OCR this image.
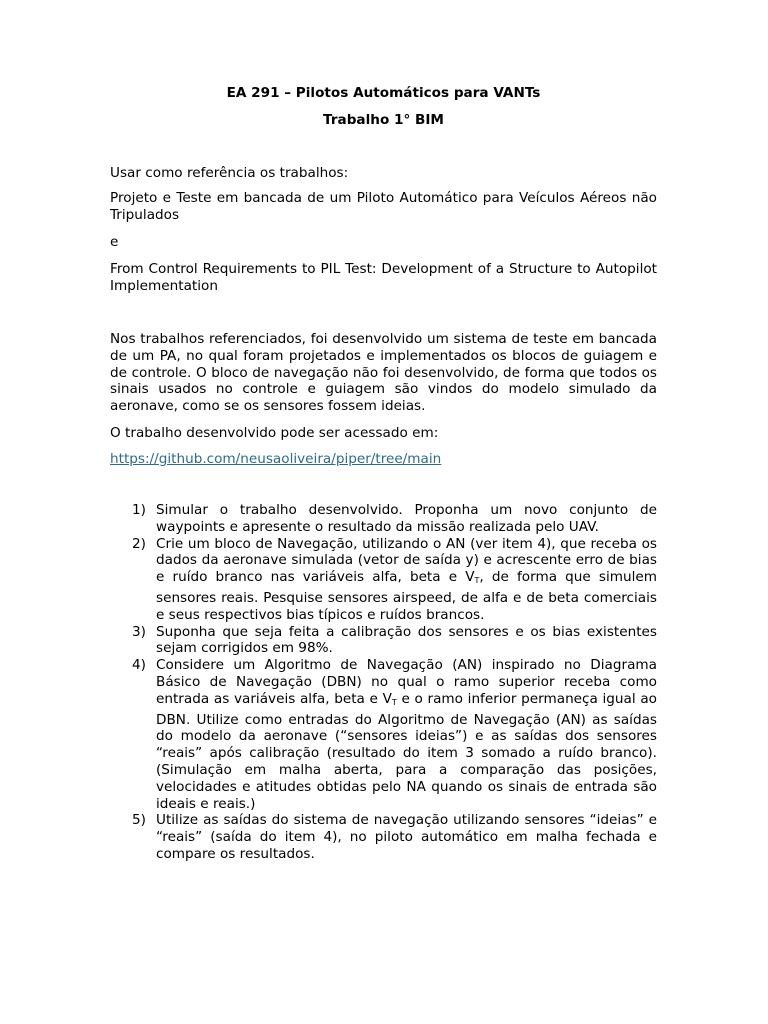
EA 291 – Pilotos Automáticos para VANTs
Trabalho 1° BIM

Usar como referência os trabalhos:

Projeto e Teste em bancada de um Piloto Automático para Veículos Aéreos não Tripulados

e

From Control Requirements to PIL Test: Development of a Structure to Autopilot Implementation

Nos trabalhos referenciados, foi desenvolvido um sistema de teste em bancada de um PA, no qual foram projetados e implementados os blocos de guiagem e de controle. O bloco de navegação não foi desenvolvido, de forma que todos os sinais usados no controle e guiagem são vindos do modelo simulado da aeronave, como se os sensores fossem ideias.

O trabalho desenvolvido pode ser acessado em:

https://github.com/neusaoliveira/piper/tree/main

1) Simular o trabalho desenvolvido. Proponha um novo conjunto de waypoints e apresente o resultado da missão realizada pelo UAV.
2) Crie um bloco de Navegação, utilizando o AN (ver item 4), que receba os dados da aeronave simulada (vetor de saída y) e acrescente erro de bias e ruído branco nas variáveis alfa, beta e $V_T$, de forma que simulem sensores reais. Pesquise sensores airspeed, de alfa e de beta comerciais e seus respectivos bias típicos e ruídos brancos.
3) Suponha que seja feita a calibração dos sensores e os bias existentes sejam corrigidos em 98%.
4) Considere um Algoritmo de Navegação (AN) inspirado no Diagrama Básico de Navegação (DBN) no qual o ramo superior receba como entrada as variáveis alfa, beta e $V_T$ e o ramo inferior permaneça igual ao DBN. Utilize como entradas do Algoritmo de Navegação (AN) as saídas do modelo da aeronave (“sensores ideias”) e as saídas dos sensores “reais” após calibração (resultado do item 3 somado a ruído branco). (Simulação em malha aberta, para a comparação das posições, velocidades e atitudes obtidas pelo NA quando os sinais de entrada são ideais e reais.)
5) Utilize as saídas do sistema de navegação utilizando sensores “ideias” e “reais” (saída do item 4), no piloto automático em malha fechada e compare os resultados.
